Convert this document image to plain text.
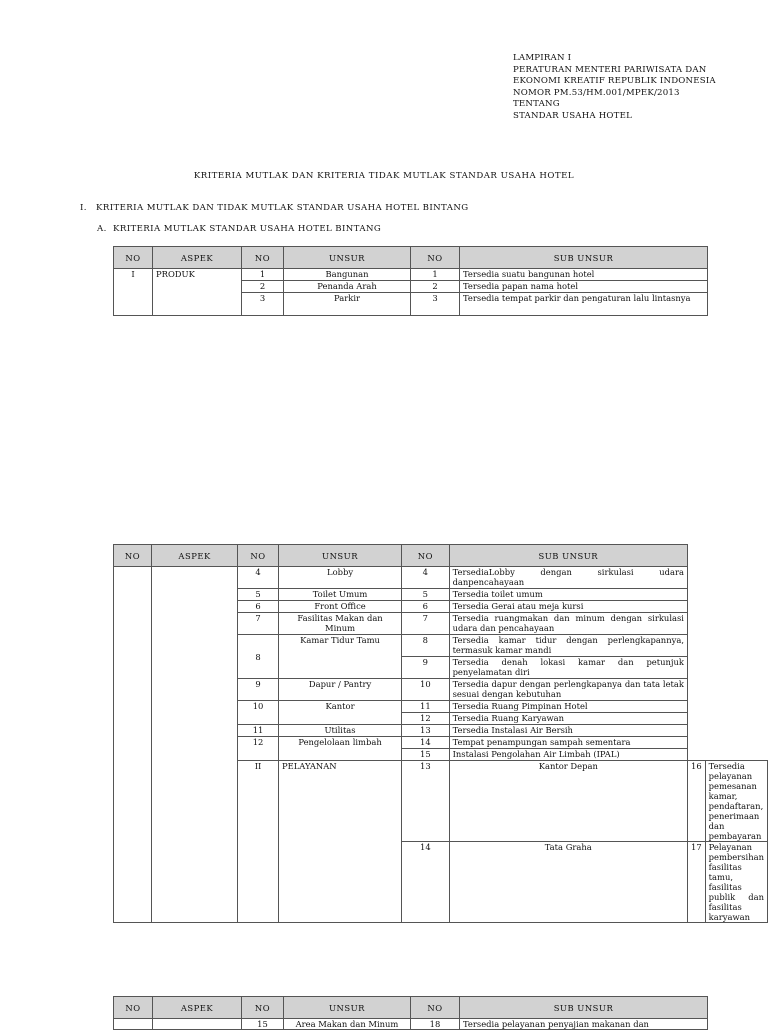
LAMPIRAN I
PERATURAN MENTERI PARIWISATA DAN
EKONOMI KREATIF REPUBLIK INDONESIA
NOMOR PM.53/HM.001/MPEK/2013
TENTANG
STANDAR USAHA HOTEL
KRITERIA MUTLAK DAN KRITERIA TIDAK MUTLAK STANDAR USAHA HOTEL
I. KRITERIA MUTLAK DAN TIDAK MUTLAK STANDAR USAHA HOTEL BINTANG
A. KRITERIA MUTLAK STANDAR USAHA HOTEL BINTANG
NO	ASPEK	NO	UNSUR	NO	SUB UNSUR
I	PRODUK	1	Bangunan	1	Tersedia suatu bangunan hotel
		2	Penanda Arah	2	Tersedia papan nama hotel
		3	Parkir	3	Tersedia tempat parkir dan pengaturan lalu lintasnya
NO	ASPEK	NO	UNSUR	NO	SUB UNSUR		
		4	Lobby	4	TersediaLobby dengan sirkulasi udara danpencahayaan		
		5	Toilet Umum	5	Tersedia toilet umum		
		6	Front Office	6	Tersedia Gerai atau meja kursi		
		7	Fasilitas Makan dan Minum	7	Tersedia ruangmakan dan minum dengan sirkulasi udara dan pencahayaan		
		8	Kamar Tidur Tamu	8	Tersedia kamar tidur dengan perlengkapannya, termasuk kamar mandi		
				9	Tersedia denah lokasi kamar dan petunjuk penyelamatan diri		
		9	Dapur / Pantry	10	Tersedia dapur dengan perlengkapanya dan tata letak sesuai dengan kebutuhan		
		10	Kantor	11	Tersedia Ruang Pimpinan Hotel		
				12	Tersedia Ruang Karyawan		
		11	Utilitas	13	Tersedia Instalasi Air Bersih		
		12	Pengelolaan limbah	14	Tempat penampungan sampah sementara		
				15	Instalasi Pengolahan Air Limbah (IPAL)		
		II	PELAYANAN	13	Kantor Depan	16	Tersedia pelayanan pemesanan kamar, pendaftaran, penerimaan dan pembayaran
				14	Tata Graha	17	Pelayanan pembersihan fasilitas tamu, fasilitas publik dan fasilitas karyawan
NO	ASPEK	NO	UNSUR	NO	SUB UNSUR
		15	Area Makan dan Minum	18	Tersedia pelayanan penyajian makanan dan
